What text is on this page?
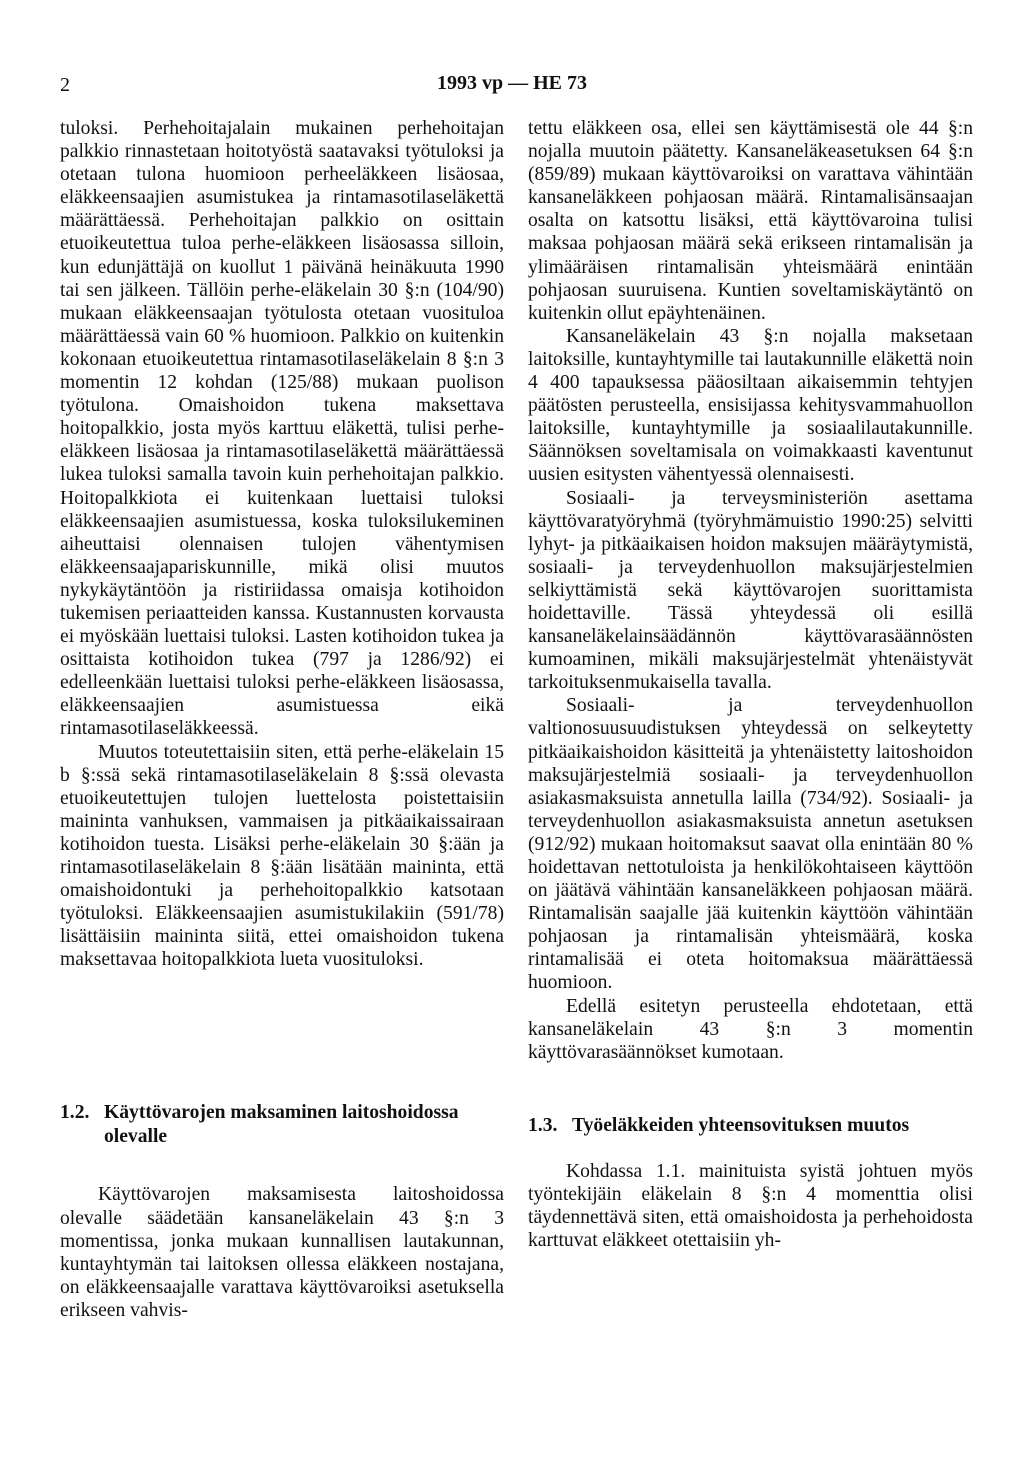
2	1993 vp — HE 73

tuloksi. Perhehoitajalain mukainen perhehoitajan palkkio rinnastetaan hoitotyöstä saatavaksi työtuloksi ja otetaan tulona huomioon perheeläkkeen lisäosaa, eläkkeensaajien asumistukea ja rintamasotilaseläkettä määrättäessä. Perhehoitajan palkkio on osittain etuoikeutettua tuloa perhe-eläkkeen lisäosassa silloin, kun edunjättäjä on kuollut 1 päivänä heinäkuuta 1990 tai sen jälkeen. Tällöin perhe-eläkelain 30 §:n (104/90) mukaan eläkkeensaajan työtulosta otetaan vuosituloa määrättäessä vain 60 % huomioon. Palkkio on kuitenkin kokonaan etuoikeutettua rintamasotilaseläkelain 8 §:n 3 momentin 12 kohdan (125/88) mukaan puolison työtulona. Omaishoidon tukena maksettava hoitopalkkio, josta myös karttuu eläkettä, tulisi perhe-eläkkeen lisäosaa ja rintamasotilaseläkettä määrättäessä lukea tuloksi samalla tavoin kuin perhehoitajan palkkio. Hoitopalkkiota ei kuitenkaan luettaisi tuloksi eläkkeensaajien asumistuessa, koska tuloksilukeminen aiheuttaisi olennaisen tulojen vähentymisen eläkkeensaajapariskunnille, mikä olisi muutos nykykäytäntöön ja ristiriidassa omaisja kotihoidon tukemisen periaatteiden kanssa. Kustannusten korvausta ei myöskään luettaisi tuloksi. Lasten kotihoidon tukea ja osittaista kotihoidon tukea (797 ja 1286/92) ei edelleenkään luettaisi tuloksi perhe-eläkkeen lisäosassa, eläkkeensaajien asumistuessa eikä rintamasotilaseläkkeessä.

Muutos toteutettaisiin siten, että perhe-eläkelain 15 b §:ssä sekä rintamasotilaseläkelain 8 §:ssä olevasta etuoikeutettujen tulojen luettelosta poistettaisiin maininta vanhuksen, vammaisen ja pitkäaikaissairaan kotihoidon tuesta. Lisäksi perhe-eläkelain 30 §:ään ja rintamasotilaseläkelain 8 §:ään lisätään maininta, että omaishoidontuki ja perhehoitopalkkio katsotaan työtuloksi. Eläkkeensaajien asumistukilakiin (591/78) lisättäisiin maininta siitä, ettei omaishoidon tukena maksettavaa hoitopalkkiota lueta vuosituloksi.

1.2. Käyttövarojen maksaminen laitoshoidossa olevalle

Käyttövarojen maksamisesta laitoshoidossa olevalle säädetään kansaneläkelain 43 §:n 3 momentissa, jonka mukaan kunnallisen lautakunnan, kuntayhtymän tai laitoksen ollessa eläkkeen nostajana, on eläkkeensaajalle varattava käyttövaroiksi asetuksella erikseen vahvis-

tettu eläkkeen osa, ellei sen käyttämisestä ole 44 §:n nojalla muutoin päätetty. Kansaneläkeasetuksen 64 §:n (859/89) mukaan käyttövaroiksi on varattava vähintään kansaneläkkeen pohjaosan määrä. Rintamalisänsaajan osalta on katsottu lisäksi, että käyttövaroina tulisi maksaa pohjaosan määrä sekä erikseen rintamalisän ja ylimääräisen rintamalisän yhteismäärä enintään pohjaosan suuruisena. Kuntien soveltamiskäytäntö on kuitenkin ollut epäyhtenäinen.

Kansaneläkelain 43 §:n nojalla maksetaan laitoksille, kuntayhtymille tai lautakunnille eläkettä noin 4 400 tapauksessa pääosiltaan aikaisemmin tehtyjen päätösten perusteella, ensisijassa kehitysvammahuollon laitoksille, kuntayhtymille ja sosiaalilautakunnille. Säännöksen soveltamisala on voimakkaasti kaventunut uusien esitysten vähentyessä olennaisesti.

Sosiaali- ja terveysministeriön asettama käyttövaratyöryhmä (työryhmämuistio 1990:25) selvitti lyhyt- ja pitkäaikaisen hoidon maksujen määräytymistä, sosiaali- ja terveydenhuollon maksujärjestelmien selkiyttämistä sekä käyttövarojen suorittamista hoidettaville. Tässä yhteydessä oli esillä kansaneläkelainsäädännön käyttövarasäännösten kumoaminen, mikäli maksujärjestelmät yhtenäistyvät tarkoituksenmukaisella tavalla.

Sosiaali- ja terveydenhuollon valtionosuusuudistuksen yhteydessä on selkeytetty pitkäaikaishoidon käsitteitä ja yhtenäistetty laitoshoidon maksujärjestelmiä sosiaali- ja terveydenhuollon asiakasmaksuista annetulla lailla (734/92). Sosiaali- ja terveydenhuollon asiakasmaksuista annetun asetuksen (912/92) mukaan hoitomaksut saavat olla enintään 80 % hoidettavan nettotuloista ja henkilökohtaiseen käyttöön on jäätävä vähintään kansaneläkkeen pohjaosan määrä. Rintamalisän saajalle jää kuitenkin käyttöön vähintään pohjaosan ja rintamalisän yhteismäärä, koska rintamalisää ei oteta hoitomaksua määrättäessä huomioon.

Edellä esitetyn perusteella ehdotetaan, että kansaneläkelain 43 §:n 3 momentin käyttövarasäännökset kumotaan.

1.3. Työeläkkeiden yhteensovituksen muutos

Kohdassa 1.1. mainituista syistä johtuen myös työntekijäin eläkelain 8 §:n 4 momenttia olisi täydennettävä siten, että omaishoidosta ja perhehoidosta karttuvat eläkkeet otettaisiin yh-
